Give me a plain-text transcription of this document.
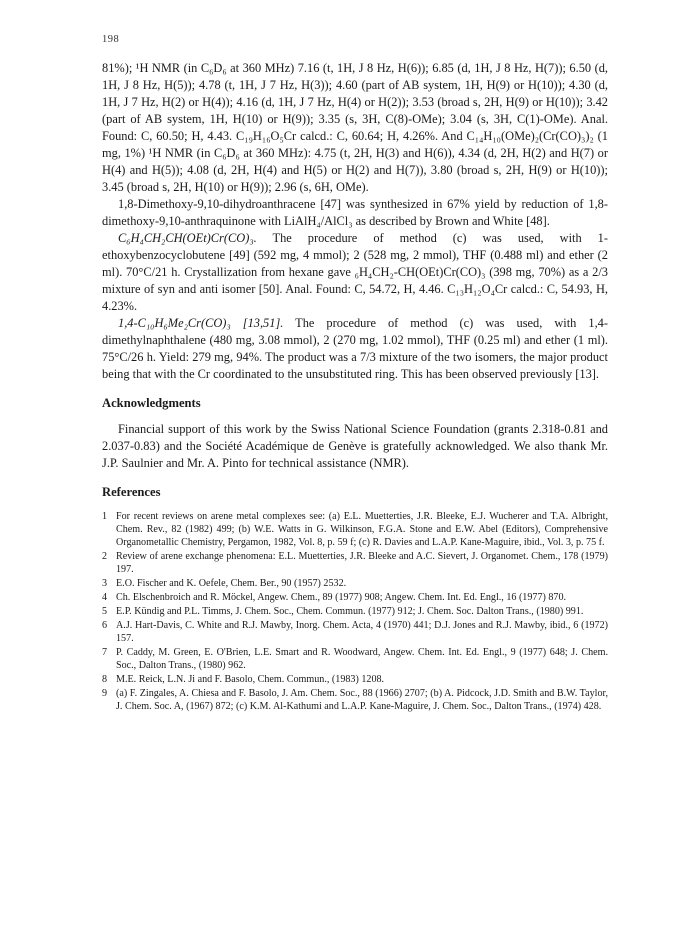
198

81%); ¹H NMR (in C₆D₆ at 360 MHz) 7.16 (t, 1H, J 8 Hz, H(6)); 6.85 (d, 1H, J 8 Hz, H(7)); 6.50 (d, 1H, J 8 Hz, H(5)); 4.78 (t, 1H, J 7 Hz, H(3)); 4.60 (part of AB system, 1H, H(9) or H(10)); 4.30 (d, 1H, J 7 Hz, H(2) or H(4)); 4.16 (d, 1H, J 7 Hz, H(4) or H(2)); 3.53 (broad s, 2H, H(9) or H(10)); 3.42 (part of AB system, 1H, H(10) or H(9)); 3.35 (s, 3H, C(8)-OMe); 3.04 (s, 3H, C(1)-OMe). Anal. Found: C, 60.50; H, 4.43. C₁₉H₁₆O₅Cr calcd.: C, 60.64; H, 4.26%. And C₁₄H₁₀(OMe)₂(Cr(CO)₃)₂ (1 mg, 1%) ¹H NMR (in C₆D₆ at 360 MHz): 4.75 (t, 2H, H(3) and H(6)), 4.34 (d, 2H, H(2) and H(7) or H(4) and H(5)); 4.08 (d, 2H, H(4) and H(5) or H(2) and H(7)), 3.80 (broad s, 2H, H(9) or H(10)); 3.45 (broad s, 2H, H(10) or H(9)); 2.96 (s, 6H, OMe).

1,8-Dimethoxy-9,10-dihydroanthracene [47] was synthesized in 67% yield by reduction of 1,8-dimethoxy-9,10-anthraquinone with LiAlH₄/AlCl₃ as described by Brown and White [48].

C₆H₄CH₂CH(OEt)Cr(CO)₃. The procedure of method (c) was used, with 1-ethoxybenzocyclobutene [49] (592 mg, 4 mmol); 2 (528 mg, 2 mmol), THF (0.488 ml) and ether (2 ml). 70°C/21 h. Crystallization from hexane gave ₆H₄CH₂-CH(OEt)Cr(CO)₃ (398 mg, 70%) as a 2/3 mixture of syn and anti isomer [50]. Anal. Found: C, 54.72, H, 4.46. C₁₃H₁₂O₄Cr calcd.: C, 54.93, H, 4.23%.

1,4-C₁₀H₆Me₂Cr(CO)₃ [13,51]. The procedure of method (c) was used, with 1,4-dimethylnaphthalene (480 mg, 3.08 mmol), 2 (270 mg, 1.02 mmol), THF (0.25 ml) and ether (1 ml). 75°C/26 h. Yield: 279 mg, 94%. The product was a 7/3 mixture of the two isomers, the major product being that with the Cr coordinated to the unsubstituted ring. This has been observed previously [13].

Acknowledgments

Financial support of this work by the Swiss National Science Foundation (grants 2.318-0.81 and 2.037-0.83) and the Société Académique de Genève is gratefully acknowledged. We also thank Mr. J.P. Saulnier and Mr. A. Pinto for technical assistance (NMR).

References
1 For recent reviews on arene metal complexes see: (a) E.L. Muetterties, J.R. Bleeke, E.J. Wucherer and T.A. Albright, Chem. Rev., 82 (1982) 499; (b) W.E. Watts in G. Wilkinson, F.G.A. Stone and E.W. Abel (Editors), Comprehensive Organometallic Chemistry, Pergamon, 1982, Vol. 8, p. 59 f; (c) R. Davies and L.A.P. Kane-Maguire, ibid., Vol. 3, p. 75 f.
2 Review of arene exchange phenomena: E.L. Muetterties, J.R. Bleeke and A.C. Sievert, J. Organomet. Chem., 178 (1979) 197.
3 E.O. Fischer and K. Oefele, Chem. Ber., 90 (1957) 2532.
4 Ch. Elschenbroich and R. Möckel, Angew. Chem., 89 (1977) 908; Angew. Chem. Int. Ed. Engl., 16 (1977) 870.
5 E.P. Kündig and P.L. Timms, J. Chem. Soc., Chem. Commun. (1977) 912; J. Chem. Soc. Dalton Trans., (1980) 991.
6 A.J. Hart-Davis, C. White and R.J. Mawby, Inorg. Chem. Acta, 4 (1970) 441; D.J. Jones and R.J. Mawby, ibid., 6 (1972) 157.
7 P. Caddy, M. Green, E. O'Brien, L.E. Smart and R. Woodward, Angew. Chem. Int. Ed. Engl., 9 (1977) 648; J. Chem. Soc., Dalton Trans., (1980) 962.
8 M.E. Reick, L.N. Ji and F. Basolo, Chem. Commun., (1983) 1208.
9 (a) F. Zingales, A. Chiesa and F. Basolo, J. Am. Chem. Soc., 88 (1966) 2707; (b) A. Pidcock, J.D. Smith and B.W. Taylor, J. Chem. Soc. A, (1967) 872; (c) K.M. Al-Kathumi and L.A.P. Kane-Maguire, J. Chem. Soc., Dalton Trans., (1974) 428.
